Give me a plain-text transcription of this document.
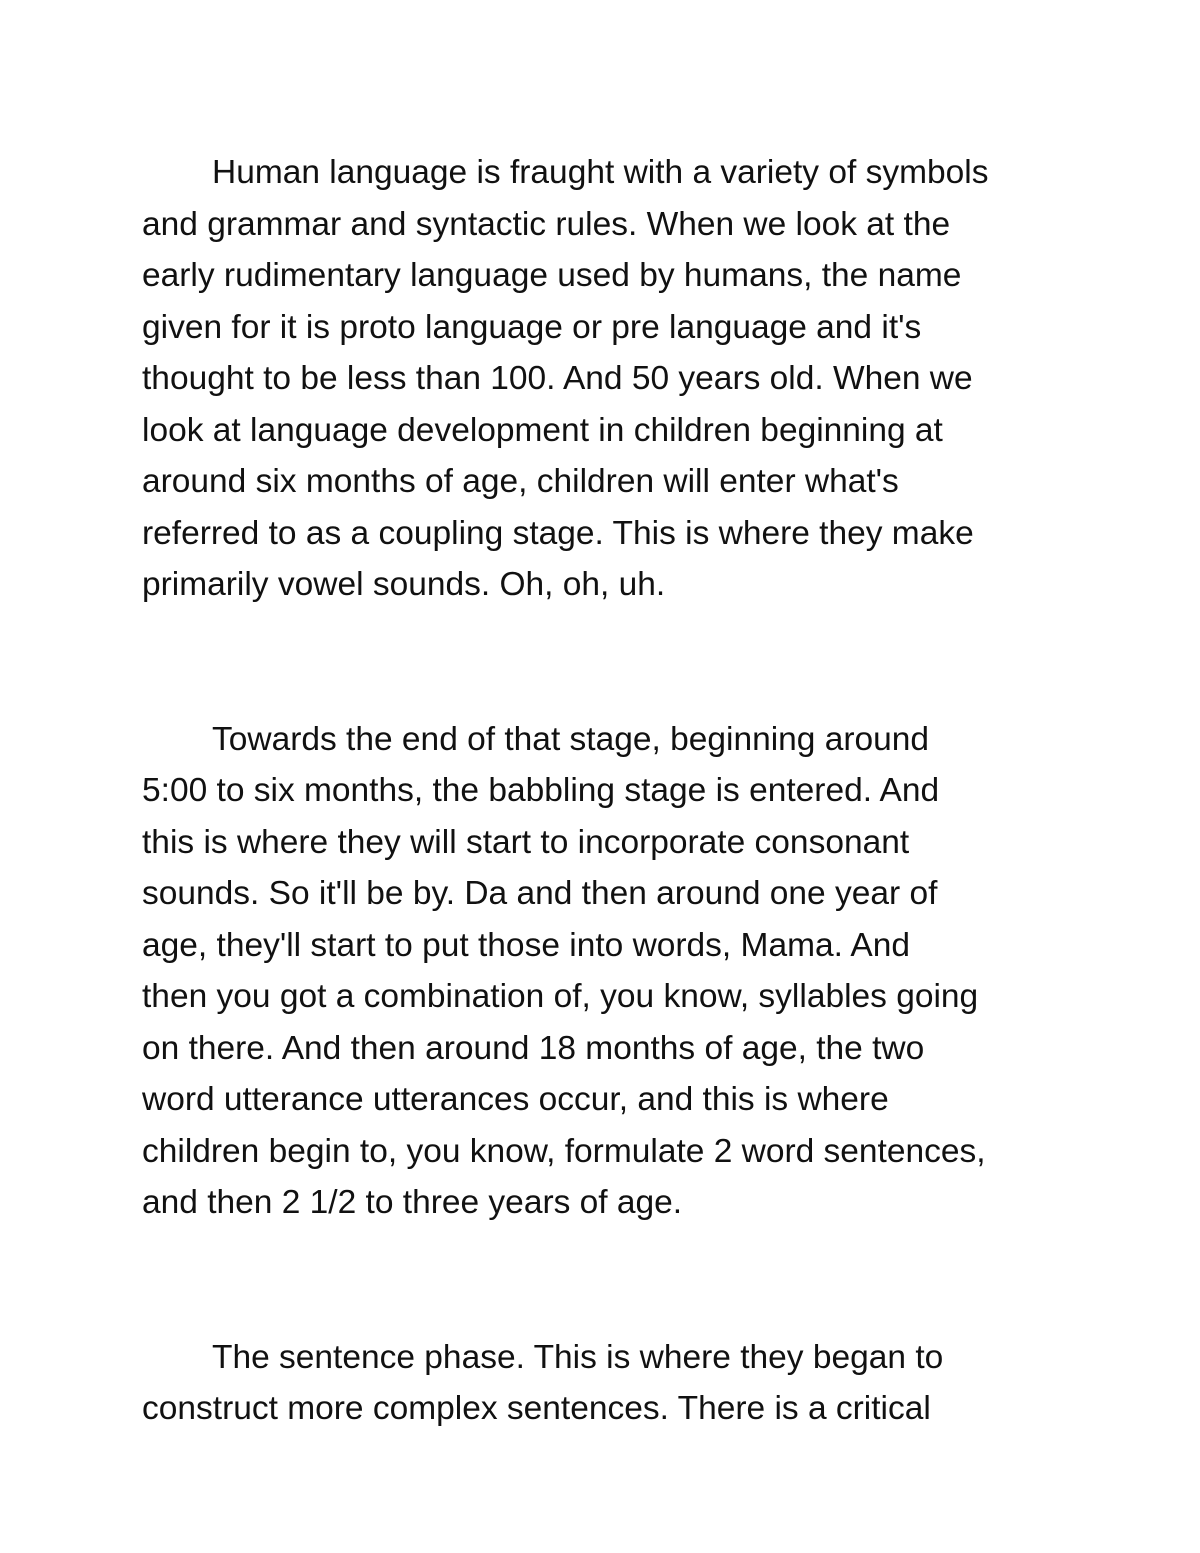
Human language is fraught with a variety of symbols
and grammar and syntactic rules. When we look at the
early rudimentary language used by humans, the name
given for it is proto language or pre language and it's
thought to be less than 100. And 50 years old. When we
look at language development in children beginning at
around six months of age, children will enter what's
referred to as a coupling stage. This is where they make
primarily vowel sounds. Oh, oh, uh.

Towards the end of that stage, beginning around
5:00 to six months, the babbling stage is entered. And
this is where they will start to incorporate consonant
sounds. So it'll be by. Da and then around one year of
age, they'll start to put those into words, Mama. And
then you got a combination of, you know, syllables going
on there. And then around 18 months of age, the two
word utterance utterances occur, and this is where
children begin to, you know, formulate 2 word sentences,
and then 2 1/2 to three years of age.

The sentence phase. This is where they began to
construct more complex sentences. There is a critical
